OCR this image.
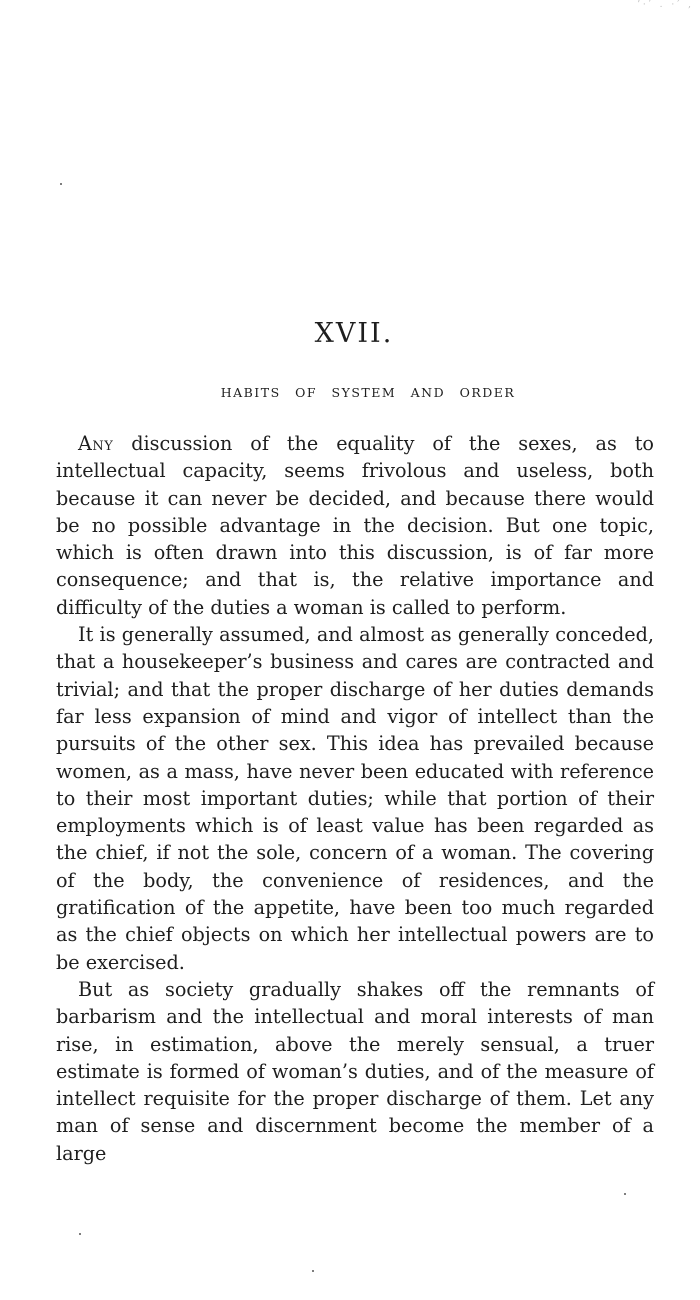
ʼ·′ . ·′ ,
XVII.
HABITS OF SYSTEM AND ORDER

Any discussion of the equality of the sexes, as to intellectual capacity, seems frivolous and useless, both because it can never be decided, and because there would be no possible advantage in the decision. But one topic, which is often drawn into this discussion, is of far more consequence; and that is, the relative importance and difficulty of the duties a woman is called to perform.

It is generally assumed, and almost as generally conceded, that a housekeeper’s business and cares are contracted and trivial; and that the proper discharge of her duties demands far less expansion of mind and vigor of intellect than the pursuits of the other sex. This idea has prevailed because women, as a mass, have never been educated with reference to their most important duties; while that portion of their employments which is of least value has been regarded as the chief, if not the sole, concern of a woman. The covering of the body, the convenience of residences, and the gratification of the appetite, have been too much regarded as the chief objects on which her intellectual powers are to be exercised.

But as society gradually shakes off the remnants of barbarism and the intellectual and moral interests of man rise, in estimation, above the merely sensual, a truer estimate is formed of woman’s duties, and of the measure of intellect requisite for the proper discharge of them. Let any man of sense and discernment become the member of a large
